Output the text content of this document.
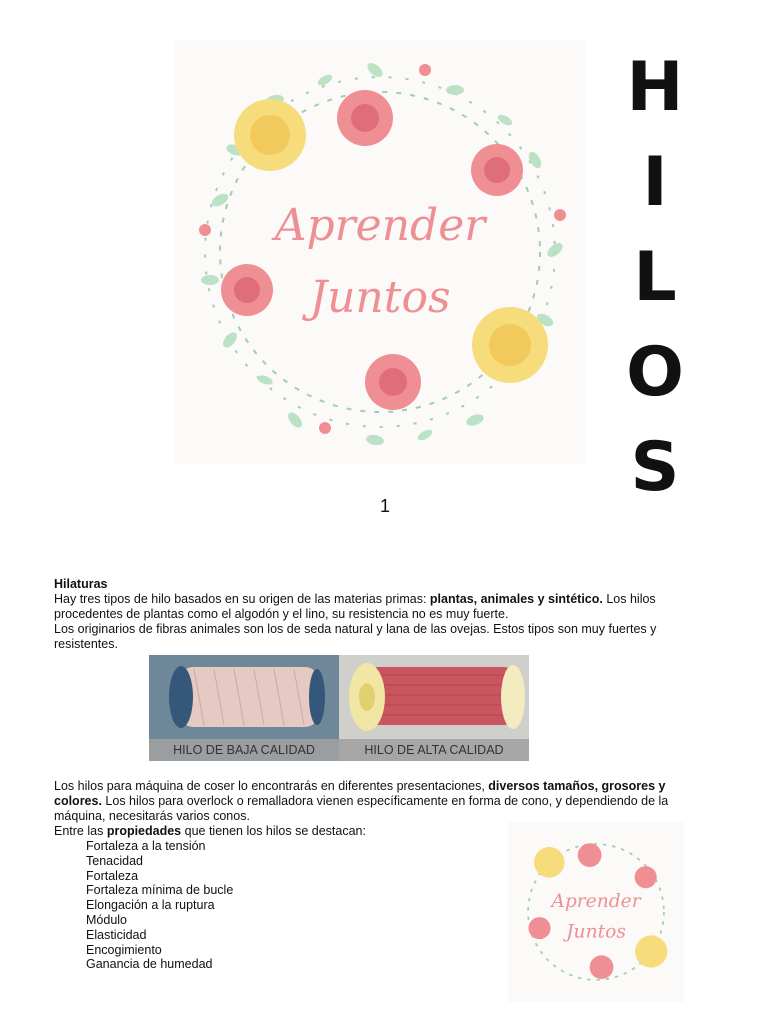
Aprender
Juntos
H
I
L
O
S
1

Hilaturas

Hay tres tipos de hilo basados en su origen de las materias primas: plantas, animales y sintético. Los hilos procedentes de plantas como el algodón y el lino, su resistencia no es muy fuerte.

Los originarios de fibras animales son los de seda natural y lana de las ovejas. Estos tipos son muy fuertes y resistentes.

HILO DE BAJA CALIDAD	HILO DE ALTA CALIDAD

Los hilos para máquina de coser lo encontrarás en diferentes presentaciones, diversos tamaños, grosores y colores. Los hilos para overlock o remalladora vienen específicamente en forma de cono, y dependiendo de la máquina, necesitarás varios conos.

Entre las propiedades que tienen los hilos se destacan:

Fortaleza a la tensión
Tenacidad
Fortaleza
Fortaleza mínima de bucle
Elongación a la ruptura
Módulo
Elasticidad
Encogimiento
Ganancia de humedad
Aprender
Juntos
